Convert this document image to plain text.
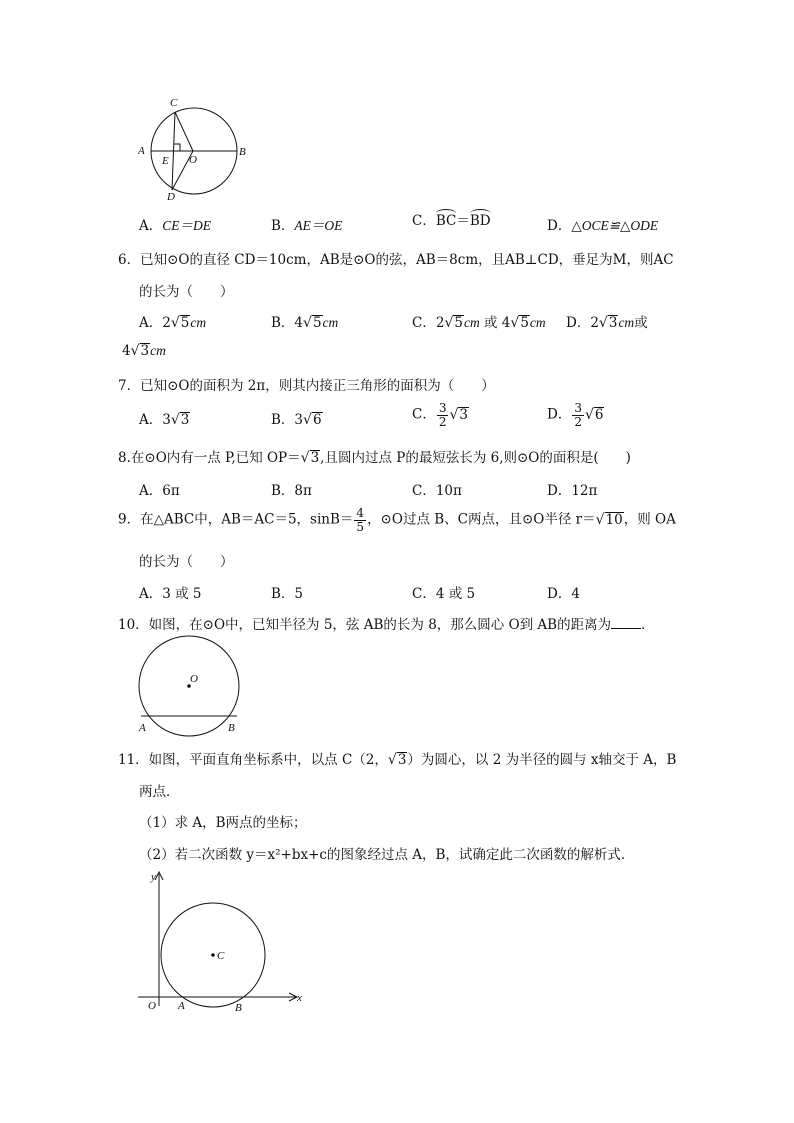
C
A
E O
B
D
A．CE＝DE	B．AE＝OE	C．BC＝BD	D．△OCE≌△ODE
6．已知⊙O的直径 CD＝10cm，AB是⊙O的弦，AB＝8cm，且AB⊥CD，垂足为M，则AC
的长为（　　）
A．2√5cm	B．4√5cm	C．2√5cm 或 4√5cm D．2√3cm或
4√3cm
7．已知⊙O的面积为 2π，则其内接正三角形的面积为（　　）
A．3√3	B．3√6	C． $\frac{3}{2} √3$	D． $\frac{3}{2} √6$
8.在⊙O内有一点 P,已知 OP＝√3,且圆内过点 P的最短弦长为 6,则⊙O的面积是(　　)
A．6π	B．8π	C．10π	D．12π
9．在△ABC中，AB＝AC＝5，$\sin B= \frac{4}{5}$ ，⊙O过点 B、C两点，且⊙O半径 r＝√10，则 OA
的长为（　　）
A．3 或 5	B．5	C．4 或 5	D．4
10．如图，在⊙O中，已知半径为 5，弦 AB的长为 8，那么圆心 O到 AB的距离为 ．
O
A	B
11．如图，平面直角坐标系中，以点 C（2，√3）为圆心，以 2 为半径的圆与 x轴交于 A，B
两点．
（1）求 A，B两点的坐标；
（2）若二次函数 y＝x²+bx+c的图象经过点 A，B，试确定此二次函数的解析式．
y
x
O A	B
C
